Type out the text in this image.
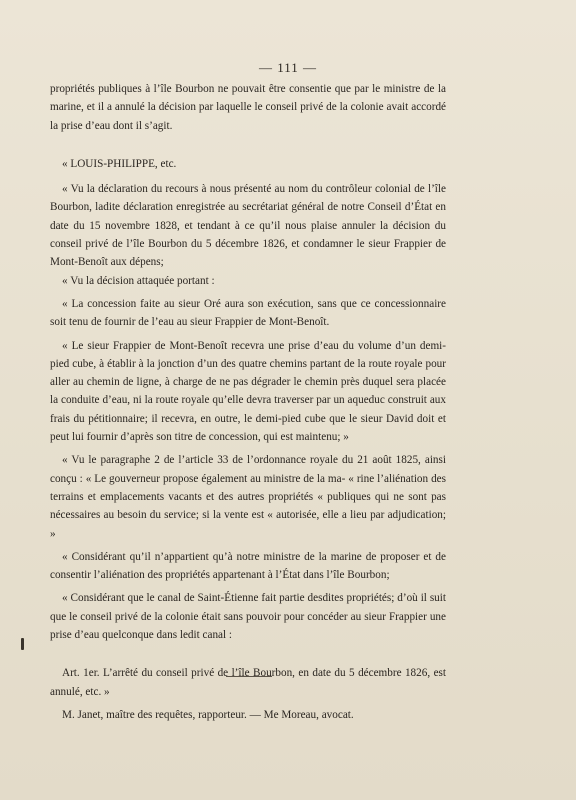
— 111 —

propriétés publiques à l’île Bourbon ne pouvait être consentie que par le ministre de la marine, et il a annulé la décision par laquelle le conseil privé de la colonie avait accordé la prise d’eau dont il s’agit.

« LOUIS-PHILIPPE, etc.

« Vu la déclaration du recours à nous présenté au nom du contrôleur colonial de l’île Bourbon, ladite déclaration enregistrée au secrétariat général de notre Conseil d’État en date du 15 novembre 1828, et tendant à ce qu’il nous plaise annuler la décision du conseil privé de l’île Bourbon du 5 décembre 1826, et condamner le sieur Frappier de Mont-Benoît aux dépens;

« Vu la décision attaquée portant :

« La concession faite au sieur Oré aura son exécution, sans que ce concessionnaire soit tenu de fournir de l’eau au sieur Frappier de Mont-Benoît.

« Le sieur Frappier de Mont-Benoît recevra une prise d’eau du volume d’un demi-pied cube, à établir à la jonction d’un des quatre chemins partant de la route royale pour aller au chemin de ligne, à charge de ne pas dégrader le chemin près duquel sera placée la conduite d’eau, ni la route royale qu’elle devra traverser par un aqueduc construit aux frais du pétitionnaire; il recevra, en outre, le demi-pied cube que le sieur David doit et peut lui fournir d’après son titre de concession, qui est maintenu; »

« Vu le paragraphe 2 de l’article 33 de l’ordonnance royale du 21 août 1825, ainsi conçu : « Le gouverneur propose également au ministre de la ma- « rine l’aliénation des terrains et emplacements vacants et des autres propriétés « publiques qui ne sont pas nécessaires au besoin du service; si la vente est « autorisée, elle a lieu par adjudication; »

« Considérant qu’il n’appartient qu’à notre ministre de la marine de proposer et de consentir l’aliénation des propriétés appartenant à l’État dans l’île Bourbon;

« Considérant que le canal de Saint-Étienne fait partie desdites propriétés; d’où il suit que le conseil privé de la colonie était sans pouvoir pour concéder au sieur Frappier une prise d’eau quelconque dans ledit canal :

Art. 1er. L’arrêté du conseil privé de l’île Bourbon, en date du 5 décembre 1826, est annulé, etc. »

M. Janet, maître des requêtes, rapporteur. — Me Moreau, avocat.
